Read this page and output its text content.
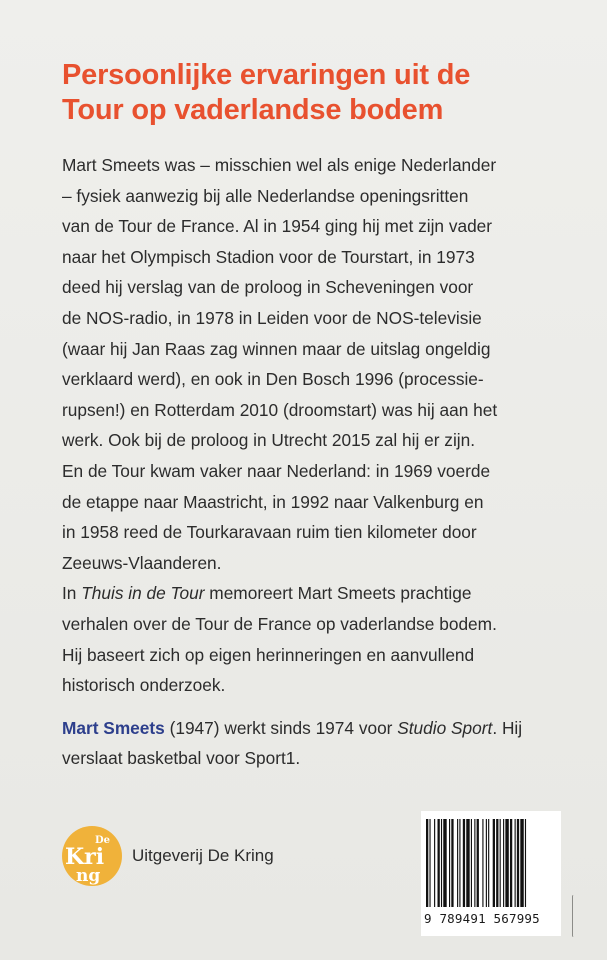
Persoonlijke ervaringen uit de
Tour op vaderlandse bodem
Mart Smeets was – misschien wel als enige Nederlander
– fysiek aanwezig bij alle Nederlandse openingsritten
van de Tour de France. Al in 1954 ging hij met zijn vader
naar het Olympisch Stadion voor de Tourstart, in 1973
deed hij verslag van de proloog in Scheveningen voor
de NOS-radio, in 1978 in Leiden voor de NOS-televisie
(waar hij Jan Raas zag winnen maar de uitslag ongeldig
verklaard werd), en ook in Den Bosch 1996 (processie-
rupsen!) en Rotterdam 2010 (droomstart) was hij aan het
werk. Ook bij de proloog in Utrecht 2015 zal hij er zijn.
En de Tour kwam vaker naar Nederland: in 1969 voerde
de etappe naar Maastricht, in 1992 naar Valkenburg en
in 1958 reed de Tourkaravaan ruim tien kilometer door
Zeeuws-Vlaanderen.
In Thuis in de Tour memoreert Mart Smeets prachtige
verhalen over de Tour de France op vaderlandse bodem.
Hij baseert zich op eigen herinneringen en aanvullend
historisch onderzoek.
Mart Smeets (1947) werkt sinds 1974 voor Studio Sport. Hij
verslaat basketbal voor Sport1.
De
Kri
ng
Uitgeverij De Kring
9 789491 567995
